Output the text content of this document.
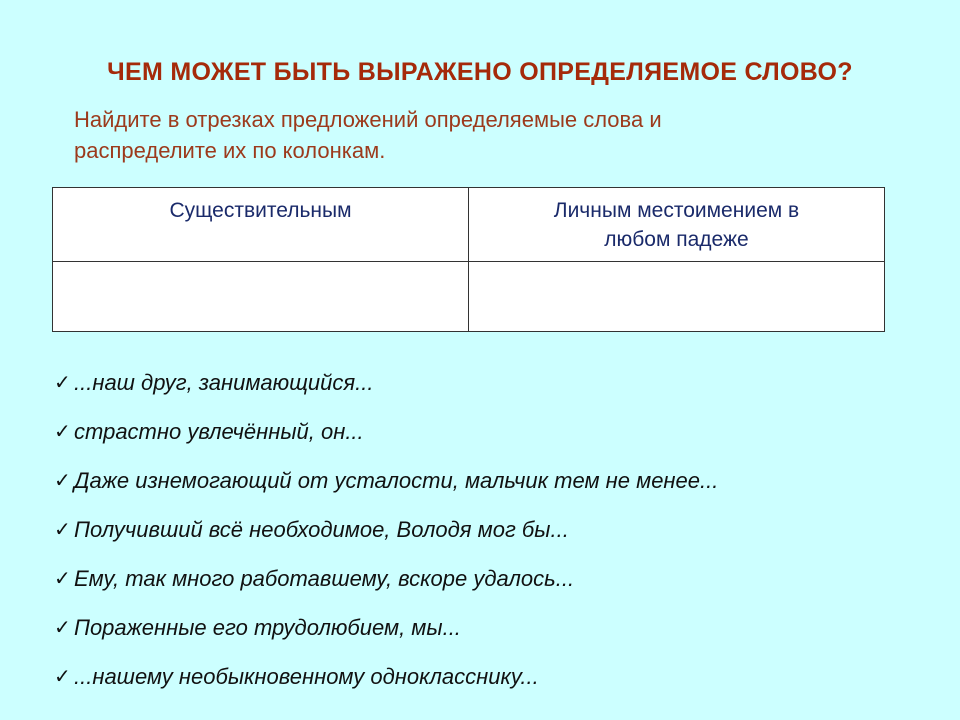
ЧЕМ МОЖЕТ БЫТЬ ВЫРАЖЕНО ОПРЕДЕЛЯЕМОЕ СЛОВО?
Найдите в отрезках предложений определяемые слова и
распределите их по колонкам.
Существительным	Личным местоимением в
любом падеже
✓ ...наш друг, занимающийся...
✓ страстно увлечённый, он...
✓ Даже изнемогающий от усталости, мальчик тем не менее...
✓ Получивший всё необходимое, Володя мог бы...
✓ Ему, так много работавшему, вскоре удалось...
✓ Пораженные его трудолюбием, мы...
✓ ...нашему необыкновенному однокласснику...
